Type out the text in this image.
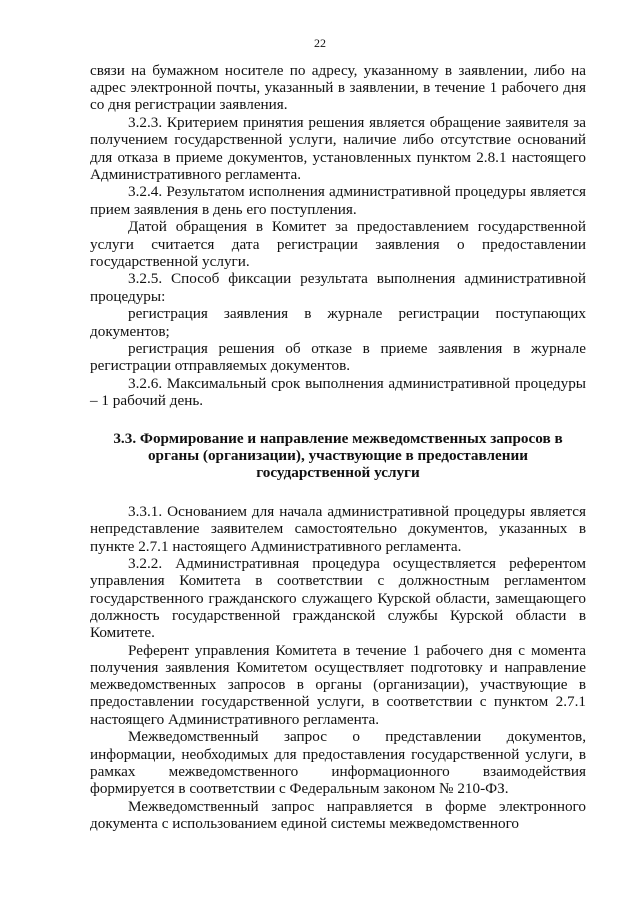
22

связи на бумажном носителе по адресу, указанному в заявлении, либо на адрес электронной почты, указанный в заявлении, в течение 1 рабочего дня со дня регистрации заявления.

3.2.3. Критерием принятия решения является обращение заявителя за получением государственной услуги, наличие либо отсутствие оснований для отказа в приеме документов, установленных пунктом 2.8.1 настоящего Административного регламента.

3.2.4. Результатом исполнения административной процедуры является прием заявления в день его поступления.

Датой обращения в Комитет за предоставлением государственной услуги считается дата регистрации заявления о предоставлении государственной услуги.

3.2.5. Способ фиксации результата выполнения административной процедуры:

регистрация заявления в журнале регистрации поступающих документов;

регистрация решения об отказе в приеме заявления в журнале регистрации отправляемых документов.

3.2.6. Максимальный срок выполнения административной процедуры – 1 рабочий день.

3.3. Формирование и направление межведомственных запросов в органы (организации), участвующие в предоставлении государственной услуги

3.3.1. Основанием для начала административной процедуры является непредставление заявителем самостоятельно документов, указанных в пункте 2.7.1 настоящего Административного регламента.

3.2.2. Административная процедура осуществляется референтом управления Комитета в соответствии с должностным регламентом государственного гражданского служащего Курской области, замещающего должность государственной гражданской службы Курской области в Комитете.

Референт управления Комитета в течение 1 рабочего дня с момента получения заявления Комитетом осуществляет подготовку и направление межведомственных запросов в органы (организации), участвующие в предоставлении государственной услуги, в соответствии с пунктом 2.7.1 настоящего Административного регламента.

Межведомственный запрос о представлении документов, информации, необходимых для предоставления государственной услуги, в рамках межведомственного информационного взаимодействия формируется в соответствии с Федеральным законом № 210-ФЗ.

Межведомственный запрос направляется в форме электронного документа с использованием единой системы межведомственного
